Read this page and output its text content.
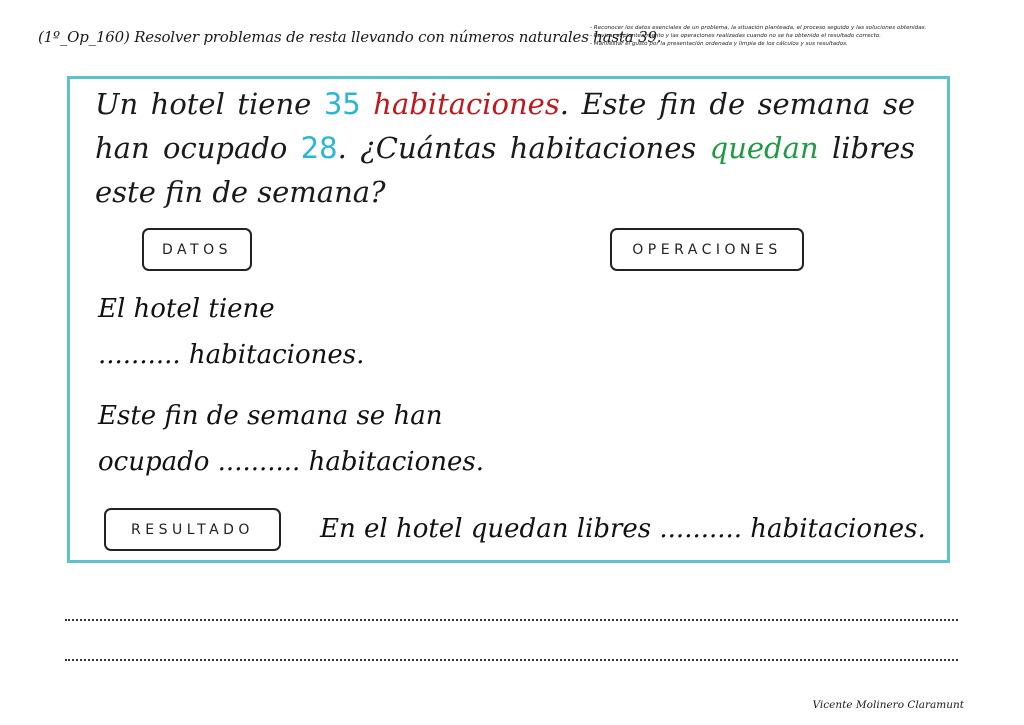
(1º_Op_160) Resolver problemas de resta llevando con números naturales hasta 39.
- Reconocer los datos esenciales de un problema, la situación planteada, el proceso seguido y las soluciones obtenidas.
- Revisar el planteamiento y las operaciones realizadas cuando no se ha obtenido el resultado correcto.
- Manifestar el gusto por la presentación ordenada y limpia de los cálculos y sus resultados.
Un hotel tiene 35 habitaciones. Este fin de semana se han ocupado 28. ¿Cuántas habitaciones quedan libres este fin de semana?
DATOS	OPERACIONES
El hotel tiene
.......... habitaciones.
Este fin de semana se han
ocupado .......... habitaciones.
RESULTADO	En el hotel quedan libres .......... habitaciones.
Vicente Molinero Claramunt
